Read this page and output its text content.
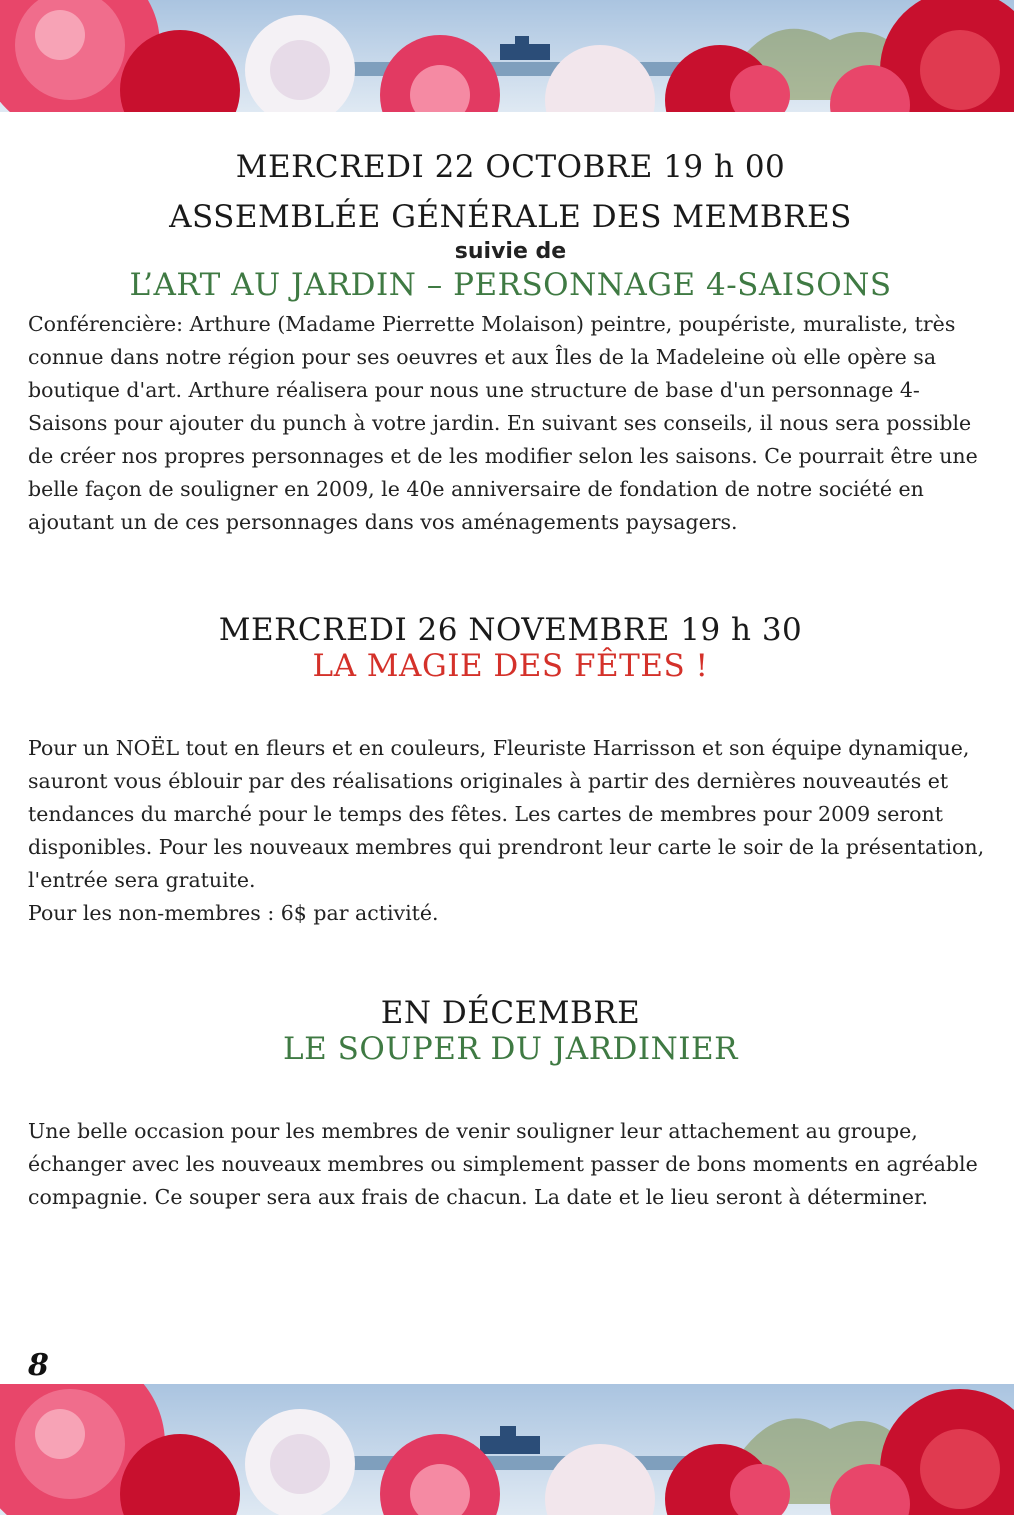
MERCREDI 22 OCTOBRE 19 h 00
ASSEMBLÉE GÉNÉRALE DES MEMBRES
suivie de
L’ART AU JARDIN – PERSONNAGE 4-SAISONS

Conférencière: Arthure (Madame Pierrette Molaison) peintre, poupériste, muraliste, très connue dans notre région pour ses oeuvres et aux Îles de la Madeleine où elle opère sa boutique d'art. Arthure réalisera pour nous une structure de base d'un personnage 4-Saisons pour ajouter du punch à votre jardin. En suivant ses conseils, il nous sera possible de créer nos propres personnages et de les modifier selon les saisons. Ce pourrait être une belle façon de souligner en 2009, le 40e anniversaire de fondation de notre société en ajoutant un de ces personnages dans vos aménagements paysagers.

MERCREDI 26 NOVEMBRE 19 h 30
LA MAGIE DES FÊTES !

Pour un NOËL tout en fleurs et en couleurs, Fleuriste Harrisson et son équipe dynamique, sauront vous éblouir par des réalisations originales à partir des dernières nouveautés et tendances du marché pour le temps des fêtes. Les cartes de membres pour 2009 seront disponibles. Pour les nouveaux membres qui prendront leur carte le soir de la présentation, l'entrée sera gratuite.

Pour les non-membres : 6$ par activité.

EN DÉCEMBRE
LE SOUPER DU JARDINIER

Une belle occasion pour les membres de venir souligner leur attachement au groupe, échanger avec les nouveaux membres ou simplement passer de bons moments en agréable compagnie. Ce souper sera aux frais de chacun. La date et le lieu seront à déterminer.

8
